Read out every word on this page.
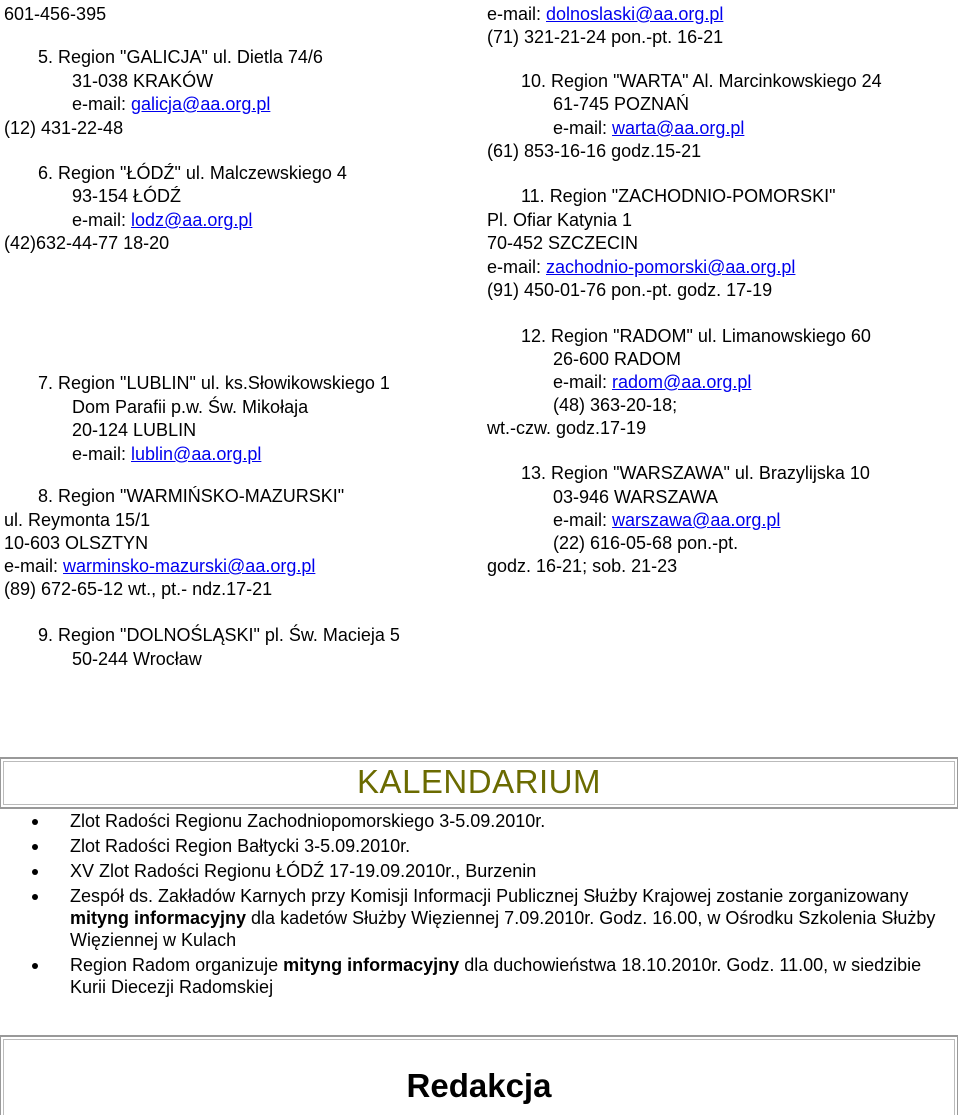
601-456-395
5. Region "GALICJA" ul. Dietla 74/6
31-038 KRAKÓW
e-mail: galicja@aa.org.pl
(12) 431-22-48
6. Region "ŁÓDŹ" ul. Malczewskiego 4
93-154 ŁÓDŹ
e-mail: lodz@aa.org.pl
(42)632-44-77 18-20
7. Region "LUBLIN" ul. ks.Słowikowskiego 1
Dom Parafii p.w. Św. Mikołaja
20-124 LUBLIN
e-mail: lublin@aa.org.pl
8. Region "WARMIŃSKO-MAZURSKI"
ul. Reymonta 15/1
10-603 OLSZTYN
e-mail: warminsko-mazurski@aa.org.pl
(89) 672-65-12 wt., pt.- ndz.17-21
9. Region "DOLNOŚLĄSKI" pl. Św. Macieja 5
50-244 Wrocław
e-mail: dolnoslaski@aa.org.pl
(71) 321-21-24 pon.-pt. 16-21
10. Region "WARTA" Al. Marcinkowskiego 24
61-745 POZNAŃ
e-mail: warta@aa.org.pl
(61) 853-16-16 godz.15-21
11. Region "ZACHODNIO-POMORSKI"
Pl. Ofiar Katynia 1
70-452 SZCZECIN
e-mail: zachodnio-pomorski@aa.org.pl
(91) 450-01-76 pon.-pt. godz. 17-19
12. Region "RADOM" ul. Limanowskiego 60
26-600 RADOM
e-mail: radom@aa.org.pl
(48) 363-20-18;
wt.-czw. godz.17-19
13. Region "WARSZAWA" ul. Brazylijska 10
03-946 WARSZAWA
e-mail: warszawa@aa.org.pl
(22) 616-05-68 pon.-pt.
godz. 16-21; sob. 21-23
KALENDARIUM
Zlot Radości Regionu Zachodniopomorskiego 3-5.09.2010r.
Zlot Radości Region Bałtycki 3-5.09.2010r.
XV Zlot Radości Regionu ŁÓDŹ 17-19.09.2010r., Burzenin
Zespół ds. Zakładów Karnych przy Komisji Informacji Publicznej Służby Krajowej zostanie zorganizowany mityng informacyjny dla kadetów Służby Więziennej 7.09.2010r. Godz. 16.00, w Ośrodku Szkolenia Służby Więziennej w Kulach
Region Radom organizuje mityng informacyjny dla duchowieństwa 18.10.2010r. Godz. 11.00, w siedzibie Kurii Diecezji Radomskiej
Redakcja
